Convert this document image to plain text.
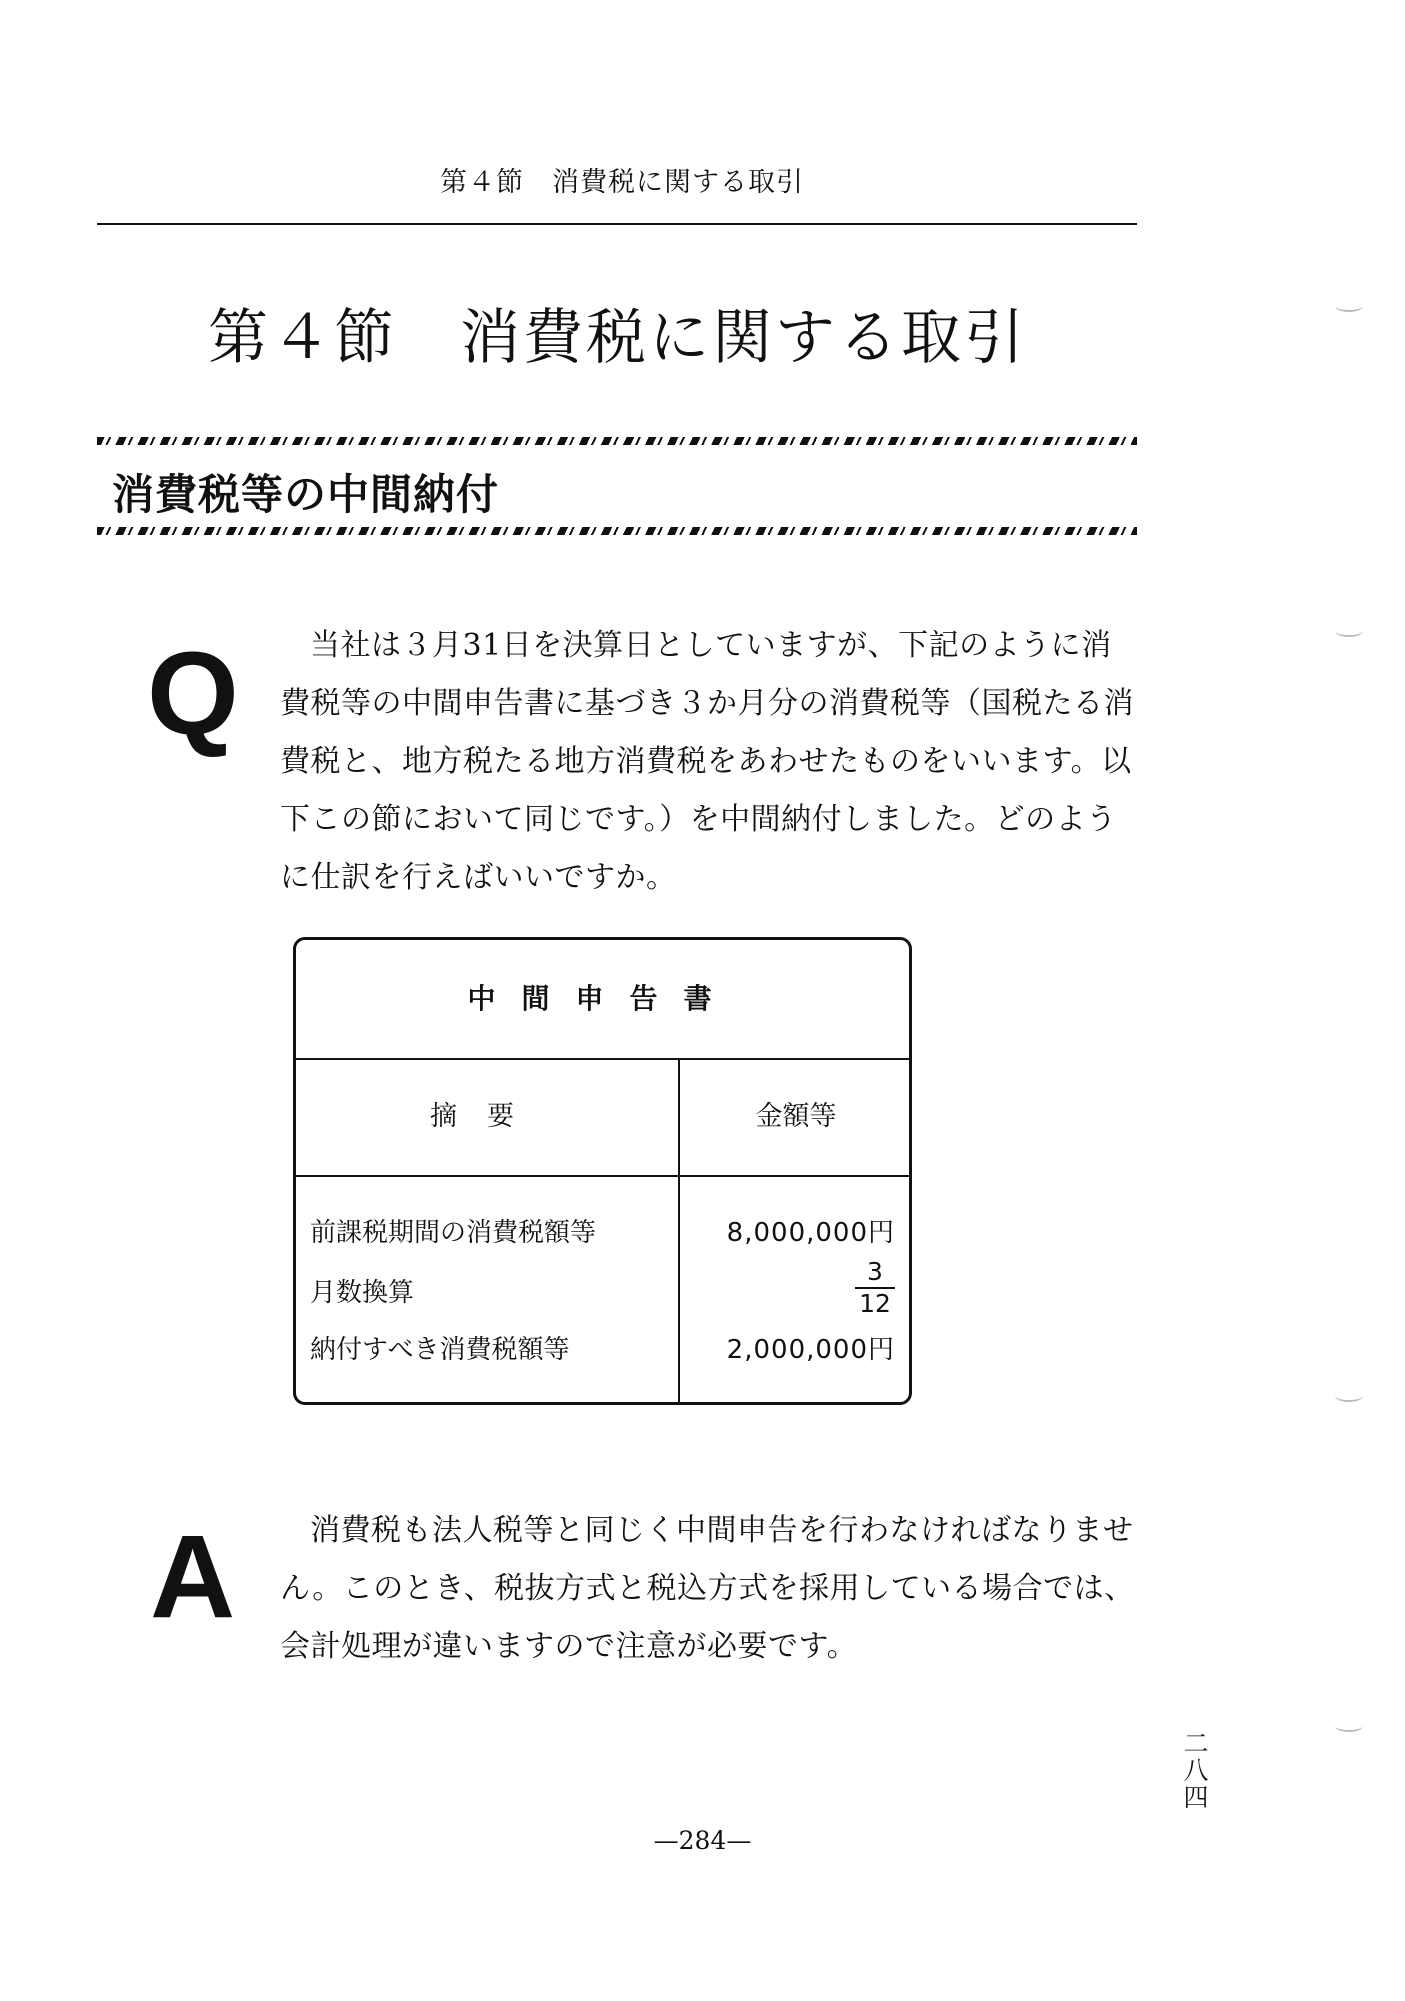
第４節　消費税に関する取引
第４節　消費税に関する取引
消費税等の中間納付
Q	当社は３月31日を決算日としていますが、下記のように消費税等の中間申告書に基づき３か月分の消費税等（国税たる消費税と、地方税たる地方消費税をあわせたものをいいます。以下この節において同じです。）を中間納付しました。どのように仕訳を行えばいいですか。

中間申告書
摘要	金額等
前課税期間の消費税額等	8,000,000円
月数換算	$\frac{3}{12}$
納付すべき消費税額等	2,000,000円
A	消費税も法人税等と同じく中間申告を行わなければなりません。このとき、税抜方式と税込方式を採用している場合では、会計処理が違いますので注意が必要です。

二八四
—284—
